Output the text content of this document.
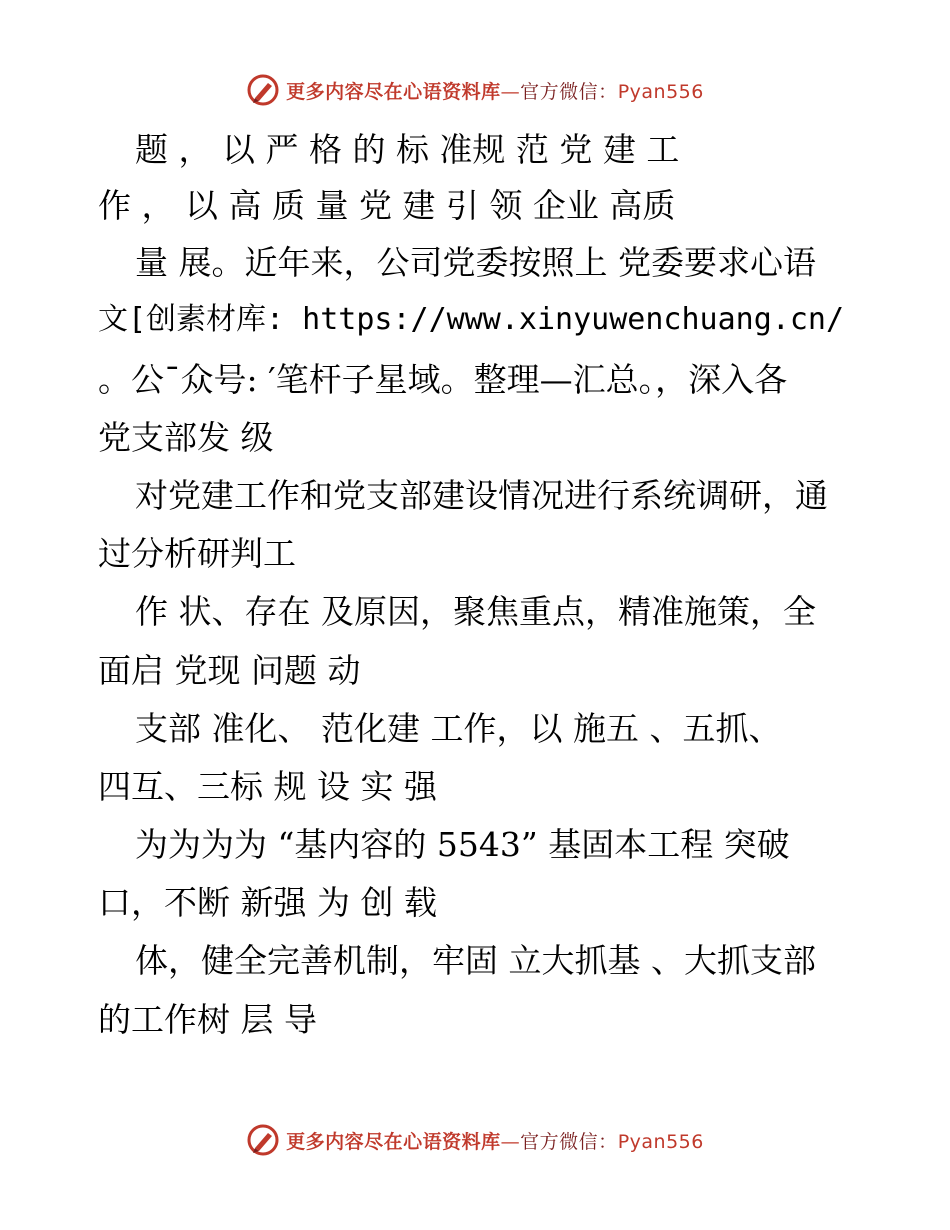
更多内容尽在心语资料库—官方微信：Pyan556
题 ， 以 严 格 的 标 准规 范 党 建 工
作 ， 以 高 质 量 党 建 引 领 企业 高质
量 展。近年来，公司党委按照上 党委要求心语
文[创素材库: https://www.xinyuwenchuang.cn/
。公¯众号: ′笔杆子星域。整理—汇总。，深入各
党支部发 级
对党建工作和党支部建设情况进行系统调研，通
过分析研判工
作 状、存在 及原因，聚焦重点，精准施策，全
面启 党现 问题 动
支部 准化、 范化建 工作，以 施五 、五抓、
四互、三标 规 设 实 强
为为为为 “基内容的 5543” 基固本工程 突破
口，不断 新强 为 创 载
体，健全完善机制，牢固 立大抓基 、大抓支部
的工作树 层 导
更多内容尽在心语资料库—官方微信：Pyan556
